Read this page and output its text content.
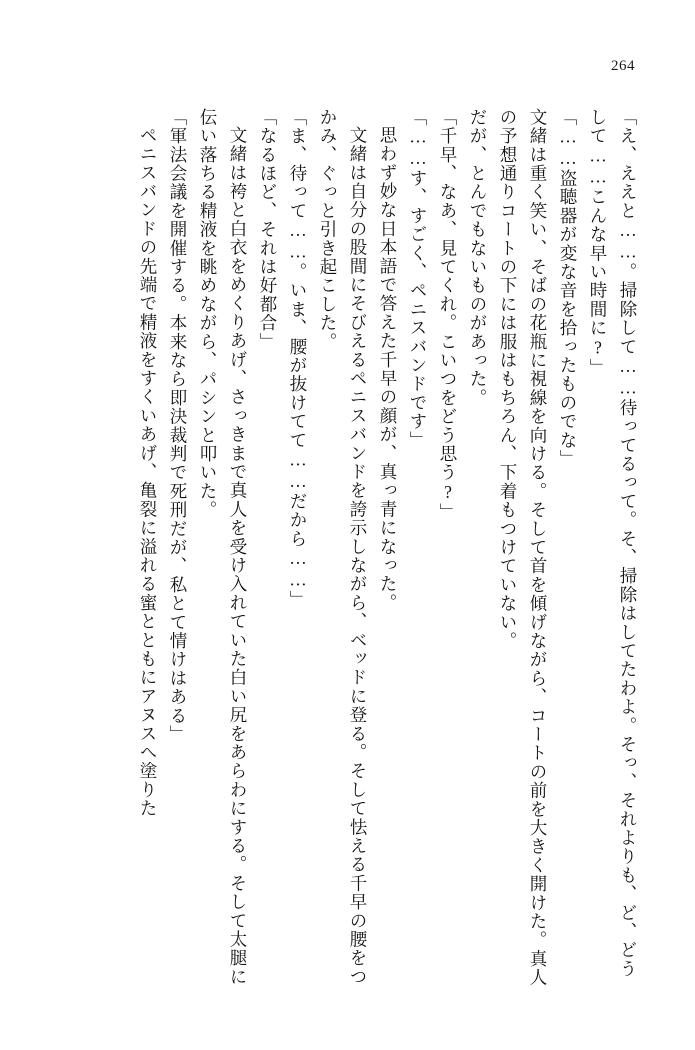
264
「え、ええと……。掃除して……待ってるって。そ、掃除はしてたわよ。そっ、それよりも、ど、どうして……こんな早い時間に?」
「……盗聴器が変な音を拾ったものでな」
文緒は重く笑い、そばの花瓶に視線を向ける。そして首を傾げながら、コートの前を大きく開けた。真人の予想通りコートの下には服はもちろん、下着もつけていない。
だが、とんでもないものがあった。
「千早、なあ、見てくれ。こいつをどう思う?」
「……す、すごく、ペニスバンドです」
思わず妙な日本語で答えた千早の顔が、真っ青になった。
文緒は自分の股間にそびえるペニスバンドを誇示しながら、ベッドに登る。そして怯える千早の腰をつかみ、ぐっと引き起こした。
「ま、待って……。いま、腰が抜けてて……だから……」
「なるほど、それは好都合」
文緒は袴と白衣をめくりあげ、さっきまで真人を受け入れていた白い尻をあらわにする。そして太腿に伝い落ちる精液を眺めながら、パシンと叩いた。
「軍法会議を開催する。本来なら即決裁判で死刑だが、私とて情けはある」
ペニスバンドの先端で精液をすくいあげ、亀裂に溢れる蜜とともにアヌスへ塗りた
